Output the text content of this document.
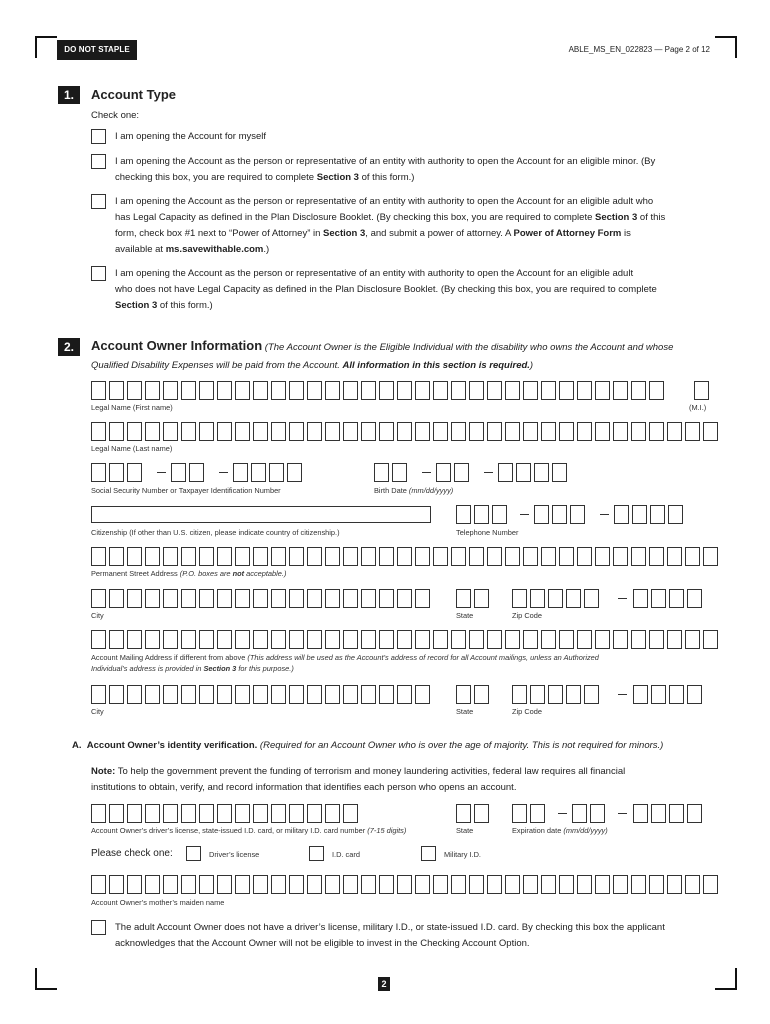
DO NOT STAPLE	ABLE_MS_EN_022823 — Page 2 of 12
1.	Account Type
Check one:
I am opening the Account for myself
I am opening the Account as the person or representative of an entity with authority to open the Account for an eligible minor. (By
checking this box, you are required to complete Section 3 of this form.)
I am opening the Account as the person or representative of an entity with authority to open the Account for an eligible adult who
has Legal Capacity as defined in the Plan Disclosure Booklet. (By checking this box, you are required to complete Section 3 of this
form, check box #1 next to “Power of Attorney” in Section 3, and submit a power of attorney. A Power of Attorney Form is
available at ms.savewithable.com.)
I am opening the Account as the person or representative of an entity with authority to open the Account for an eligible adult
who does not have Legal Capacity as defined in the Plan Disclosure Booklet. (By checking this box, you are required to complete
Section 3 of this form.)
2.	Account Owner Information (The Account Owner is the Eligible Individual with the disability who owns the Account and whose
Qualified Disability Expenses will be paid from the Account. All information in this section is required.)
Legal Name (First name)	(M.I.)
Legal Name (Last name)
Social Security Number or Taxpayer Identification Number	Birth Date (mm/dd/yyyy)
Citizenship (If other than U.S. citizen, please indicate country of citizenship.)	Telephone Number
Permanent Street Address (P.O. boxes are not acceptable.)
City	State	Zip Code
Account Mailing Address if different from above (This address will be used as the Account’s address of record for all Account mailings, unless an Authorized
Individual’s address is provided in Section 3 for this purpose.)
City	State	Zip Code
A. Account Owner’s identity verification. (Required for an Account Owner who is over the age of majority. This is not required for minors.)
Note: To help the government prevent the funding of terrorism and money laundering activities, federal law requires all financial
institutions to obtain, verify, and record information that identifies each person who opens an account.
Account Owner’s driver’s license, state-issued I.D. card, or military I.D. card number (7-15 digits)	State	Expiration date (mm/dd/yyyy)
Please check one:	Driver’s license	I.D. card	Military I.D.
Account Owner’s mother’s maiden name
The adult Account Owner does not have a driver’s license, military I.D., or state-issued I.D. card. By checking this box the applicant
acknowledges that the Account Owner will not be eligible to invest in the Checking Account Option.
2
